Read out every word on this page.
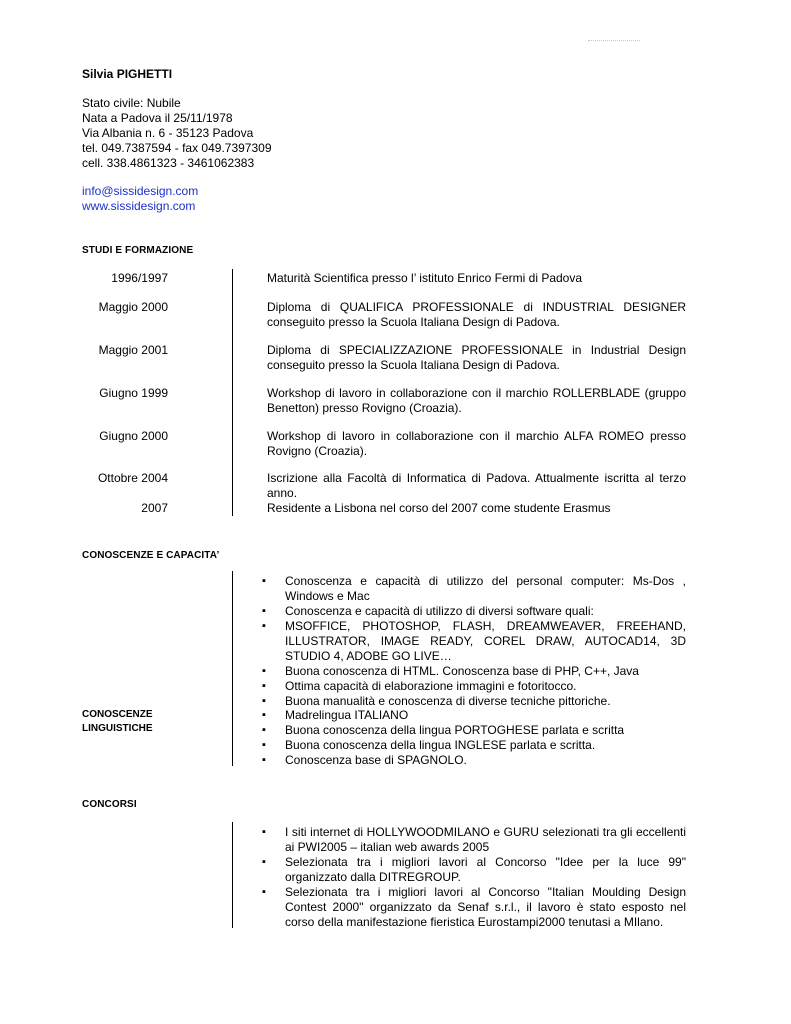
Silvia PIGHETTI
Stato civile: Nubile
Nata a Padova il 25/11/1978
Via Albania n. 6 - 35123 Padova
tel. 049.7387594 - fax 049.7397309
cell. 338.4861323 - 3461062383
info@sissidesign.com
www.sissidesign.com
STUDI E FORMAZIONE
1996/1997	Maturità Scientifica presso l’ istituto Enrico Fermi di Padova
Maggio 2000	Diploma di QUALIFICA PROFESSIONALE di INDUSTRIAL DESIGNER conseguito presso la Scuola Italiana Design di Padova.
Maggio 2001	Diploma di SPECIALIZZAZIONE PROFESSIONALE in Industrial Design conseguito presso la Scuola Italiana Design di Padova.
Giugno 1999	Workshop di lavoro in collaborazione con il marchio ROLLERBLADE (gruppo Benetton) presso Rovigno (Croazia).
Giugno 2000	Workshop di lavoro in collaborazione con il marchio ALFA ROMEO presso Rovigno (Croazia).
Ottobre 2004	Iscrizione alla Facoltà di Informatica di Padova. Attualmente iscritta al terzo anno.
2007	Residente a Lisbona nel corso del 2007 come studente Erasmus
CONOSCENZE E CAPACITA’
▪ Conoscenza e capacità di utilizzo del personal computer: Ms-Dos , Windows e Mac
▪ Conoscenza e capacità di utilizzo di diversi software quali:
▪ MSOFFICE, PHOTOSHOP, FLASH, DREAMWEAVER, FREEHAND, ILLUSTRATOR, IMAGE READY, COREL DRAW, AUTOCAD14, 3D STUDIO 4, ADOBE GO LIVE…
▪ Buona conoscenza di HTML. Conoscenza base di PHP, C++, Java
▪ Ottima capacità di elaborazione immagini e fotoritocco.
▪ Buona manualità e conoscenza di diverse tecniche pittoriche.
CONOSCENZE
LINGUISTICHE
▪ Madrelingua ITALIANO
▪ Buona conoscenza della lingua PORTOGHESE parlata e scritta
▪ Buona conoscenza della lingua INGLESE parlata e scritta.
▪ Conoscenza base di SPAGNOLO.
CONCORSI
▪ I siti internet di HOLLYWOODMILANO e GURU selezionati tra gli eccellenti ai PWI2005 – italian web awards 2005
▪ Selezionata tra i migliori lavori al Concorso "Idee per la luce 99" organizzato dalla DITREGROUP.
▪ Selezionata tra i migliori lavori al Concorso "Italian Moulding Design Contest 2000" organizzato da Senaf s.r.l., il lavoro è stato esposto nel corso della manifestazione fieristica Eurostampi2000 tenutasi a MIlano.
